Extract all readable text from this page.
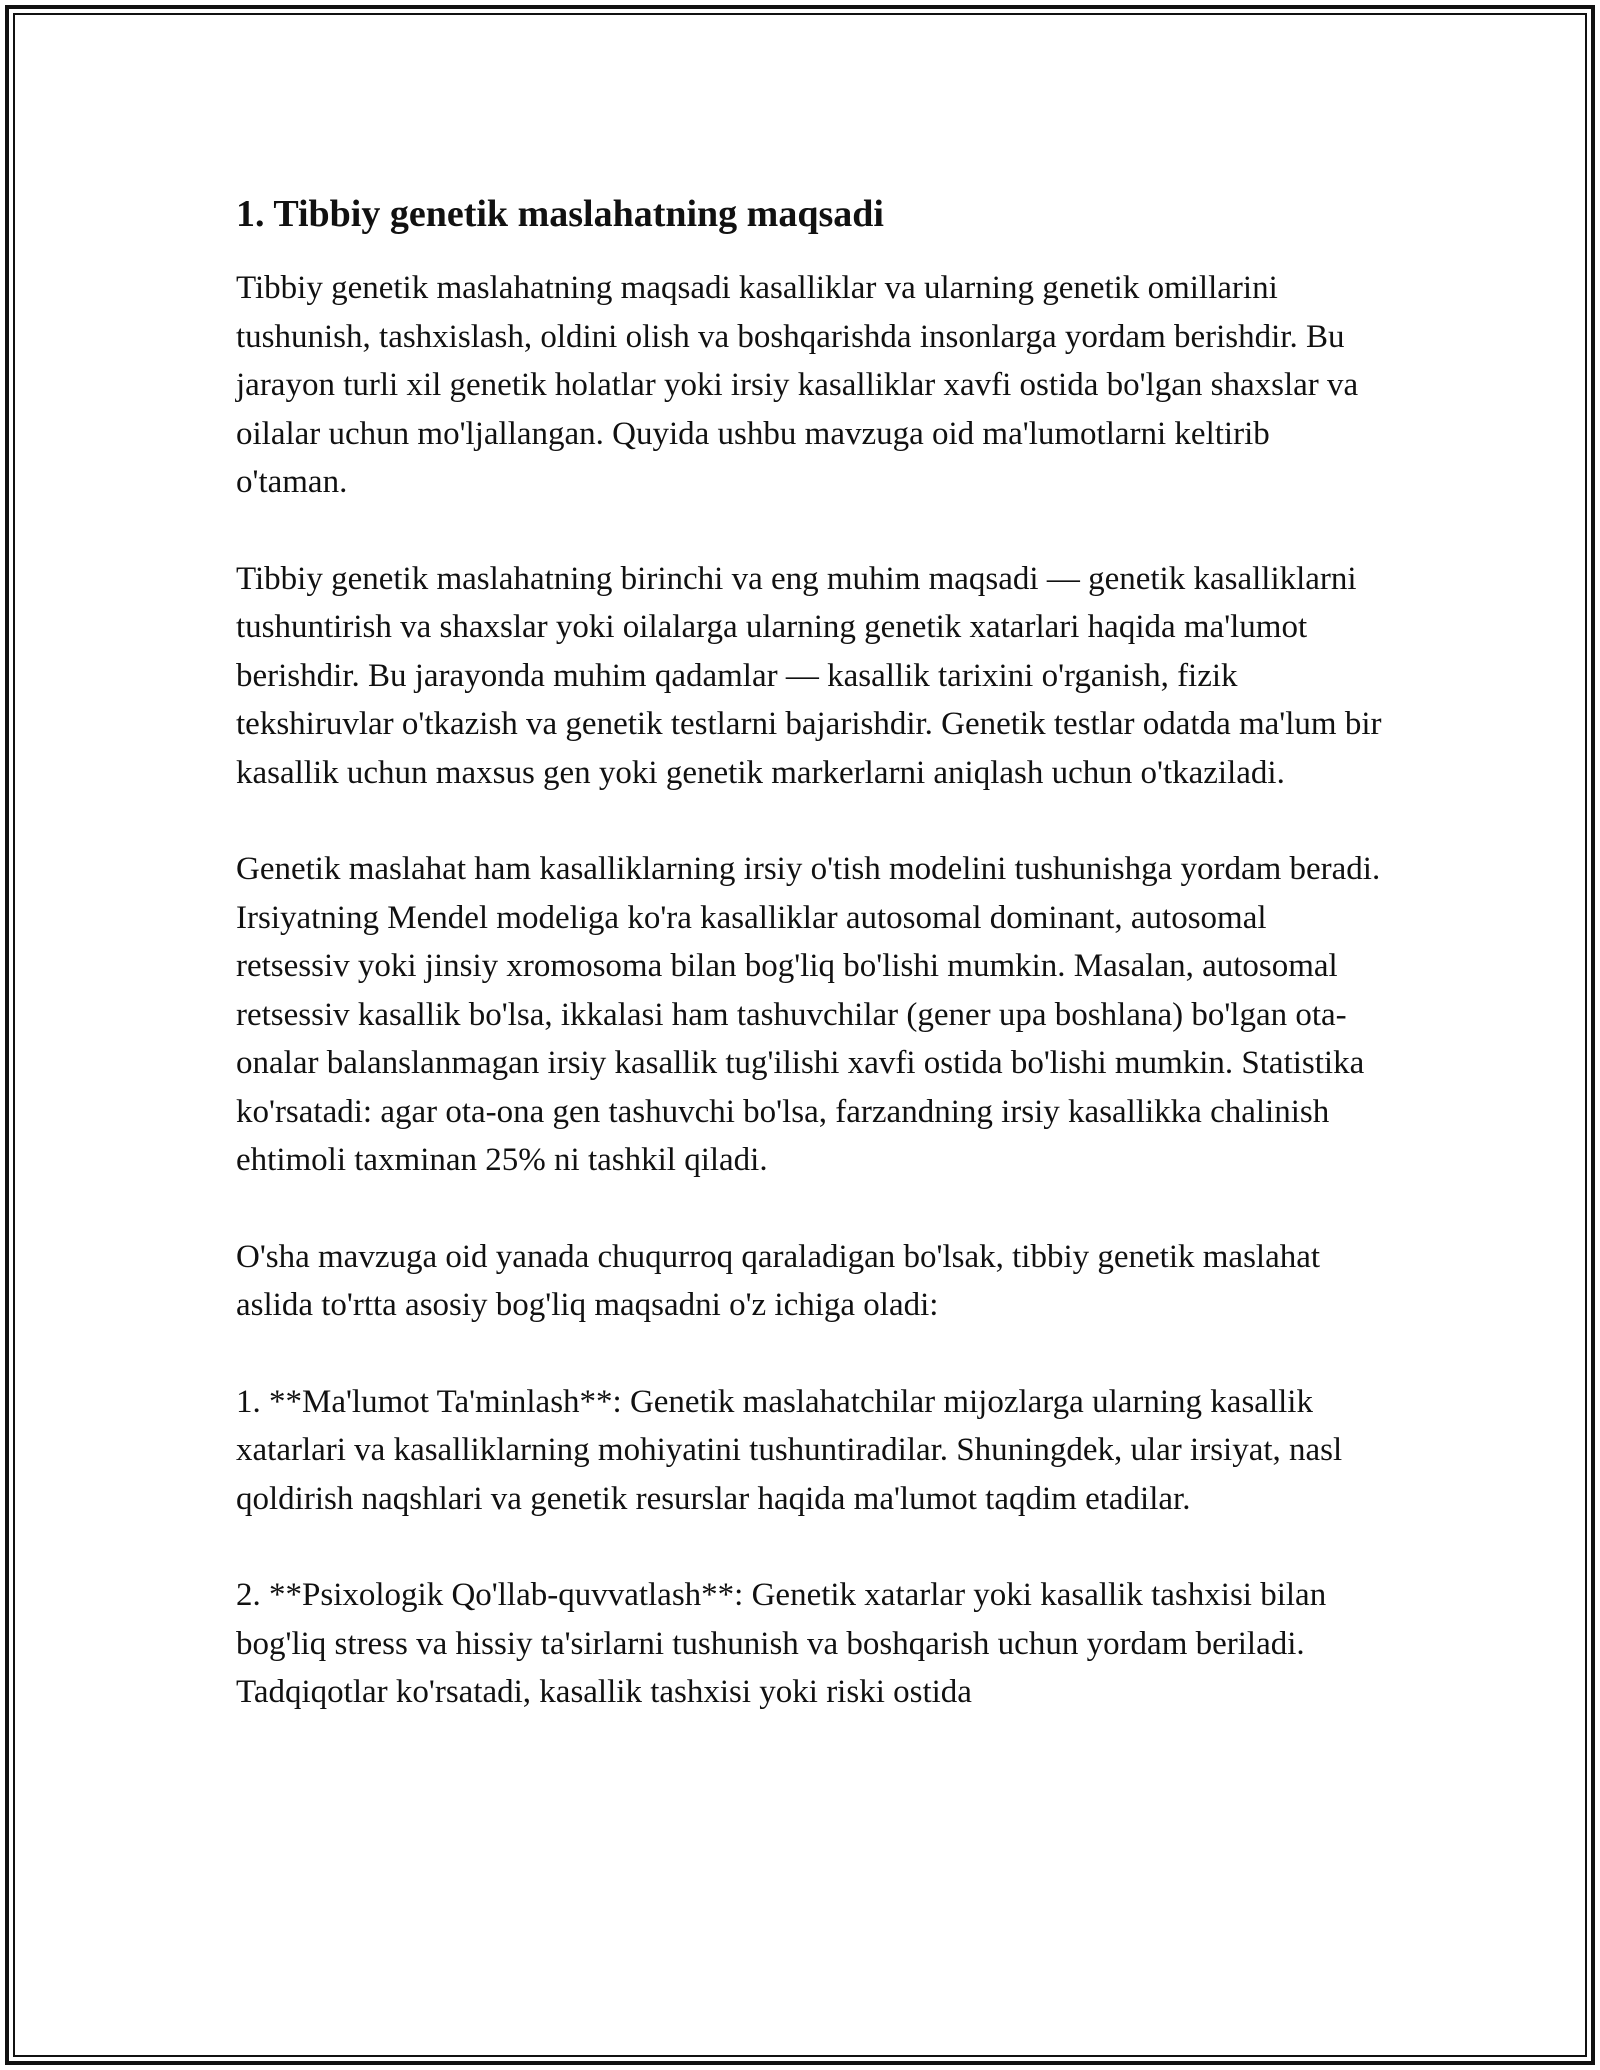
1. Tibbiy genetik maslahatning maqsadi

Tibbiy genetik maslahatning maqsadi kasalliklar va ularning genetik omillarini tushunish, tashxislash, oldini olish va boshqarishda insonlarga yordam berishdir. Bu jarayon turli xil genetik holatlar yoki irsiy kasalliklar xavfi ostida bo'lgan shaxslar va oilalar uchun mo'ljallangan. Quyida ushbu mavzuga oid ma'lumotlarni keltirib o'taman.

Tibbiy genetik maslahatning birinchi va eng muhim maqsadi — genetik kasalliklarni tushuntirish va shaxslar yoki oilalarga ularning genetik xatarlari haqida ma'lumot berishdir. Bu jarayonda muhim qadamlar — kasallik tarixini o'rganish, fizik tekshiruvlar o'tkazish va genetik testlarni bajarishdir. Genetik testlar odatda ma'lum bir kasallik uchun maxsus gen yoki genetik markerlarni aniqlash uchun o'tkaziladi.

Genetik maslahat ham kasalliklarning irsiy o'tish modelini tushunishga yordam beradi. Irsiyatning Mendel modeliga ko'ra kasalliklar autosomal dominant, autosomal retsessiv yoki jinsiy xromosoma bilan bog'liq bo'lishi mumkin. Masalan, autosomal retsessiv kasallik bo'lsa, ikkalasi ham tashuvchilar (gener upa boshlana) bo'lgan ota-onalar balanslanmagan irsiy kasallik tug'ilishi xavfi ostida bo'lishi mumkin. Statistika ko'rsatadi: agar ota-ona gen tashuvchi bo'lsa, farzandning irsiy kasallikka chalinish ehtimoli taxminan 25% ni tashkil qiladi.

O'sha mavzuga oid yanada chuqurroq qaraladigan bo'lsak, tibbiy genetik maslahat aslida to'rtta asosiy bog'liq maqsadni o'z ichiga oladi:

1. **Ma'lumot Ta'minlash**: Genetik maslahatchilar mijozlarga ularning kasallik xatarlari va kasalliklarning mohiyatini tushuntiradilar. Shuningdek, ular irsiyat, nasl qoldirish naqshlari va genetik resurslar haqida ma'lumot taqdim etadilar.

2. **Psixologik Qo'llab-quvvatlash**: Genetik xatarlar yoki kasallik tashxisi bilan bog'liq stress va hissiy ta'sirlarni tushunish va boshqarish uchun yordam beriladi. Tadqiqotlar ko'rsatadi, kasallik tashxisi yoki riski ostida
